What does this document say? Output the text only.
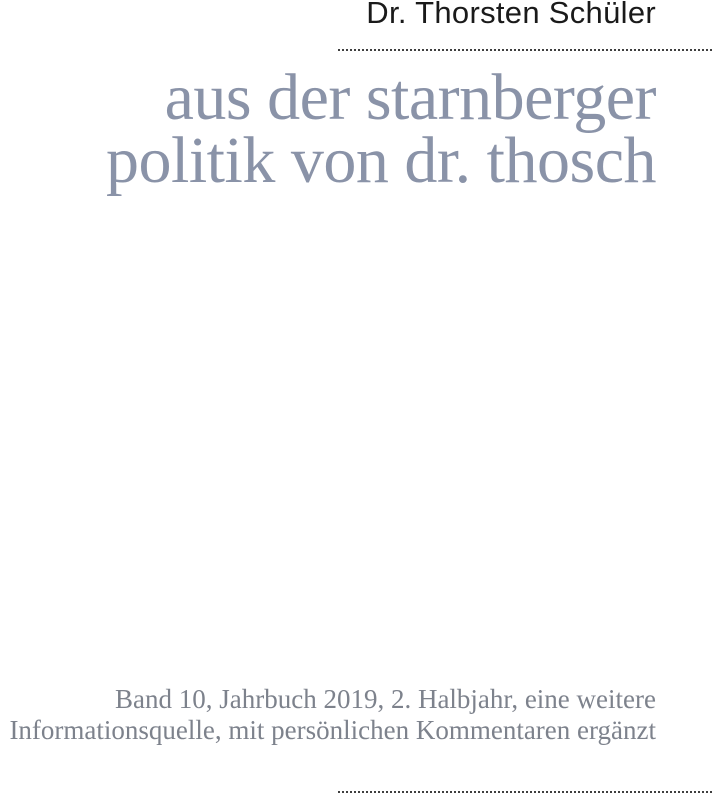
Dr. Thorsten Schüler
aus der starnberger
politik von dr. thosch

Band 10, Jahrbuch 2019, 2. Halbjahr, eine weitere
Informationsquelle, mit persönlichen Kommentaren ergänzt
